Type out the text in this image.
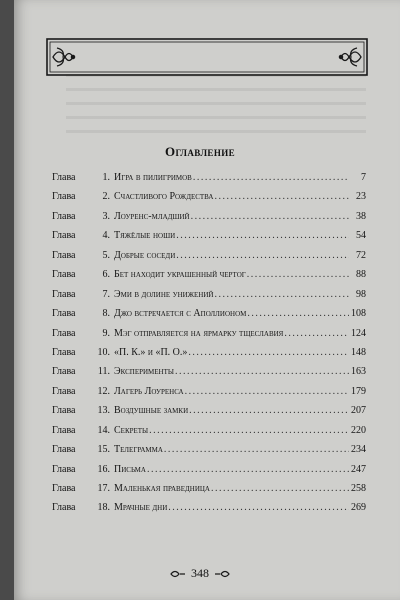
Оглавление
Глава	1. Игра в пилигримов . . .	7
Глава	2. Счастливого Рождества . . .	23
Глава	3. Лоуренс-младший . . .	38
Глава	4. Тяжёлые ноши . . .	54
Глава	5. Добрые соседи . . .	72
Глава	6. Бет находит украшенный чертог . . .	88
Глава	7. Эми в долине унижений . . .	98
Глава	8. Джо встречается с Аполлионом . . .	108
Глава	9. Мэг отправляется на ярмарку тщеславия . . .	124
Глава	10. «П. К.» и «П. О.» . . .	148
Глава	11. Эксперименты . . .	163
Глава	12. Лагерь Лоуренса . . .	179
Глава	13. Воздушные замки . . .	207
Глава	14. Секреты . . .	220
Глава	15. Телеграмма . . .	234
Глава	16. Письма . . .	247
Глава	17. Маленькая праведница . . .	258
Глава	18. Мрачные дни . . .	269
348
